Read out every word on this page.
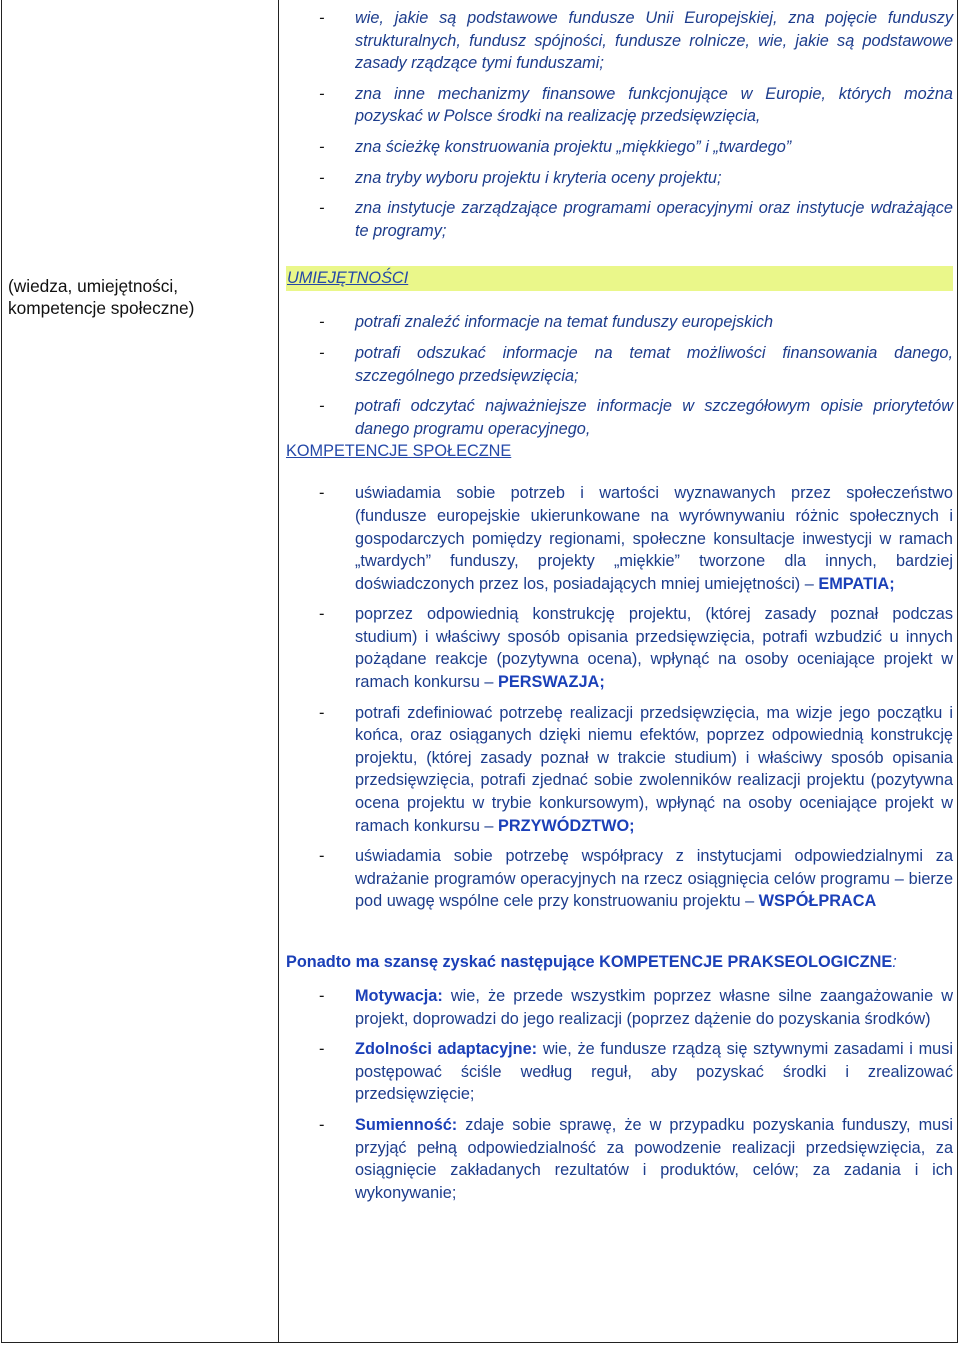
(wiedza, umiejętności, kompetencje społeczne)
- wie, jakie są podstawowe fundusze Unii Europejskiej, zna pojęcie funduszy strukturalnych, fundusz spójności, fundusze rolnicze, wie, jakie są podstawowe zasady rządzące tymi funduszami;
- zna inne mechanizmy finansowe funkcjonujące w Europie, których można pozyskać w Polsce środki na realizację przedsięwzięcia,
- zna ścieżkę konstruowania projektu „miękkiego” i „twardego”
- zna tryby wyboru projektu i kryteria oceny projektu;
- zna instytucje zarządzające programami operacyjnymi oraz instytucje wdrażające te programy;
UMIEJĘTNOŚCI
- potrafi znaleźć informacje na temat funduszy europejskich
- potrafi odszukać informacje na temat możliwości finansowania danego, szczególnego przedsięwzięcia;
- potrafi odczytać najważniejsze informacje w szczegółowym opisie priorytetów danego programu operacyjnego,
KOMPETENCJE SPOŁECZNE
- uświadamia sobie potrzeb i wartości wyznawanych przez społeczeństwo (fundusze europejskie ukierunkowane na wyrównywaniu różnic społecznych i gospodarczych pomiędzy regionami, społeczne konsultacje inwestycji w ramach „twardych” funduszy, projekty „miękkie” tworzone dla innych, bardziej doświadczonych przez los, posiadających mniej umiejętności) – EMPATIA;
- poprzez odpowiednią konstrukcję projektu, (której zasady poznał podczas studium) i właściwy sposób opisania przedsięwzięcia, potrafi wzbudzić u innych pożądane reakcje (pozytywna ocena), wpłynąć na osoby oceniające projekt w ramach konkursu – PERSWAZJA;
- potrafi zdefiniować potrzebę realizacji przedsięwzięcia, ma wizje jego początku i końca, oraz osiąganych dzięki niemu efektów, poprzez odpowiednią konstrukcję projektu, (której zasady poznał w trakcie studium) i właściwy sposób opisania przedsięwzięcia, potrafi zjednać sobie zwolenników realizacji projektu (pozytywna ocena projektu w trybie konkursowym), wpłynąć na osoby oceniające projekt w ramach konkursu – PRZYWÓDZTWO;
- uświadamia sobie potrzebę współpracy z instytucjami odpowiedzialnymi za wdrażanie programów operacyjnych na rzecz osiągnięcia celów programu – bierze pod uwagę wspólne cele przy konstruowaniu projektu – WSPÓŁPRACA
Ponadto ma szansę zyskać następujące KOMPETENCJE PRAKSEOLOGICZNE:
- Motywacja: wie, że przede wszystkim poprzez własne silne zaangażowanie w projekt, doprowadzi do jego realizacji (poprzez dążenie do pozyskania środków)
- Zdolności adaptacyjne: wie, że fundusze rządzą się sztywnymi zasadami i musi postępować ściśle według reguł, aby pozyskać środki i zrealizować przedsięwzięcie;
- Sumienność: zdaje sobie sprawę, że w przypadku pozyskania funduszy, musi przyjąć pełną odpowiedzialność za powodzenie realizacji przedsięwzięcia, za osiągnięcie zakładanych rezultatów i produktów, celów; za zadania i ich wykonywanie;
